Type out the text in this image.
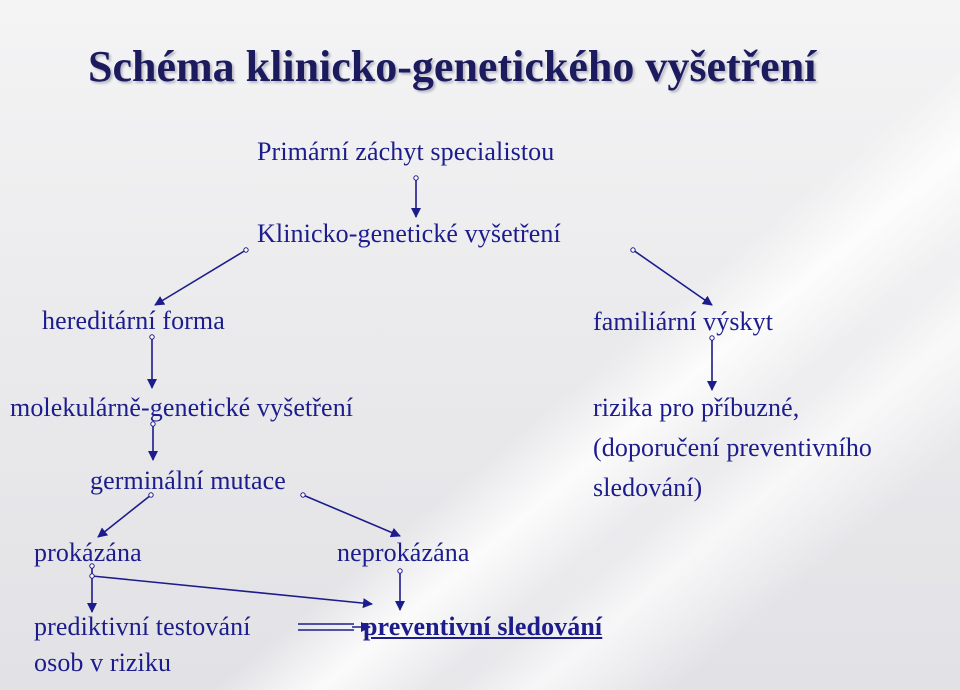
Schéma klinicko-genetického vyšetření

Primární záchyt specialistou

Klinicko-genetické vyšetření

hereditární forma	familiární výskyt

molekulárně-genetické vyšetření	rizika pro příbuzné,

(doporučení preventivního

sledování)

germinální mutace

prokázána	neprokázána

prediktivní testování

osob v riziku

preventivní sledování
